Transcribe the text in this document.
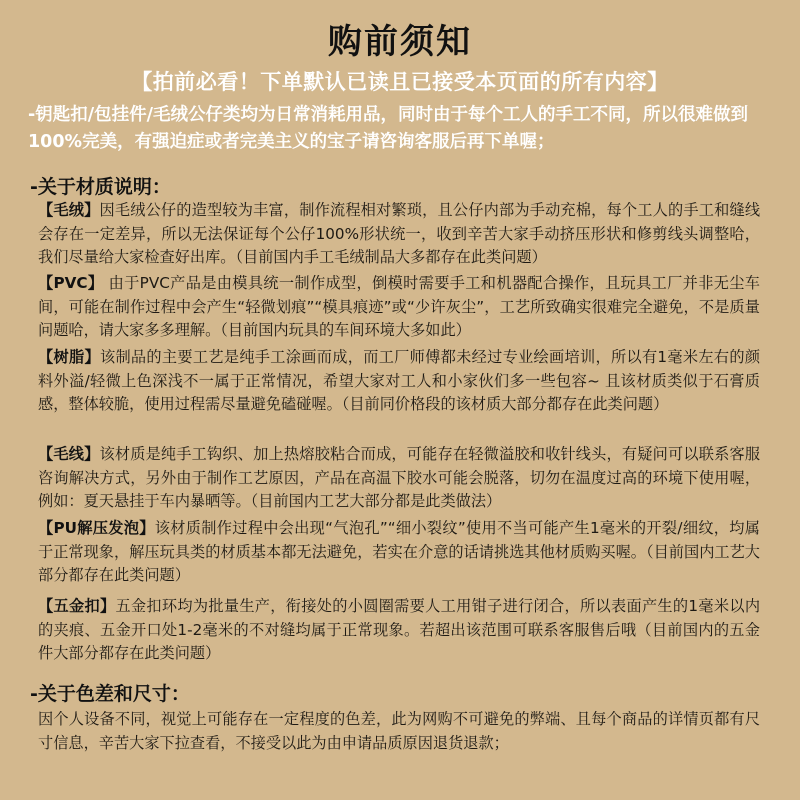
购前须知
【拍前必看！下单默认已读且已接受本页面的所有内容】
-钥匙扣/包挂件/毛绒公仔类均为日常消耗用品，同时由于每个工人的手工不同，所以很难做到100%完美，有强迫症或者完美主义的宝子请咨询客服后再下单喔；
-关于材质说明：
【毛绒】因毛绒公仔的造型较为丰富，制作流程相对繁琐，且公仔内部为手动充棉，每个工人的手工和缝线会存在一定差异，所以无法保证每个公仔100%形状统一，收到辛苦大家手动挤压形状和修剪线头调整哈，我们尽量给大家检查好出库。（目前国内手工毛绒制品大多都存在此类问题）
【PVC】 由于PVC产品是由模具统一制作成型，倒模时需要手工和机器配合操作，且玩具工厂并非无尘车间，可能在制作过程中会产生“轻微划痕”“模具痕迹”或“少许灰尘”，工艺所致确实很难完全避免，不是质量问题哈，请大家多多理解。（目前国内玩具的车间环境大多如此）
【树脂】该制品的主要工艺是纯手工涂画而成，而工厂师傅都未经过专业绘画培训，所以有1毫米左右的颜料外溢/轻微上色深浅不一属于正常情况，希望大家对工人和小家伙们多一些包容~ 且该材质类似于石膏质感，整体较脆，使用过程需尽量避免磕碰喔。（目前同价格段的该材质大部分都存在此类问题）
【毛线】该材质是纯手工钩织、加上热熔胶粘合而成，可能存在轻微溢胶和收针线头，有疑问可以联系客服咨询解决方式，另外由于制作工艺原因，产品在高温下胶水可能会脱落，切勿在温度过高的环境下使用喔，例如：夏天悬挂于车内暴晒等。（目前国内工艺大部分都是此类做法）
【PU解压发泡】该材质制作过程中会出现“气泡孔”“细小裂纹”使用不当可能产生1毫米的开裂/细纹，均属于正常现象，解压玩具类的材质基本都无法避免，若实在介意的话请挑选其他材质购买喔。（目前国内工艺大部分都存在此类问题）
【五金扣】五金扣环均为批量生产，衔接处的小圆圈需要人工用钳子进行闭合，所以表面产生的1毫米以内的夹痕、五金开口处1-2毫米的不对缝均属于正常现象。若超出该范围可联系客服售后哦（目前国内的五金件大部分都存在此类问题）
-关于色差和尺寸：
因个人设备不同，视觉上可能存在一定程度的色差，此为网购不可避免的弊端、且每个商品的详情页都有尺寸信息，辛苦大家下拉查看，不接受以此为由申请品质原因退货退款；
